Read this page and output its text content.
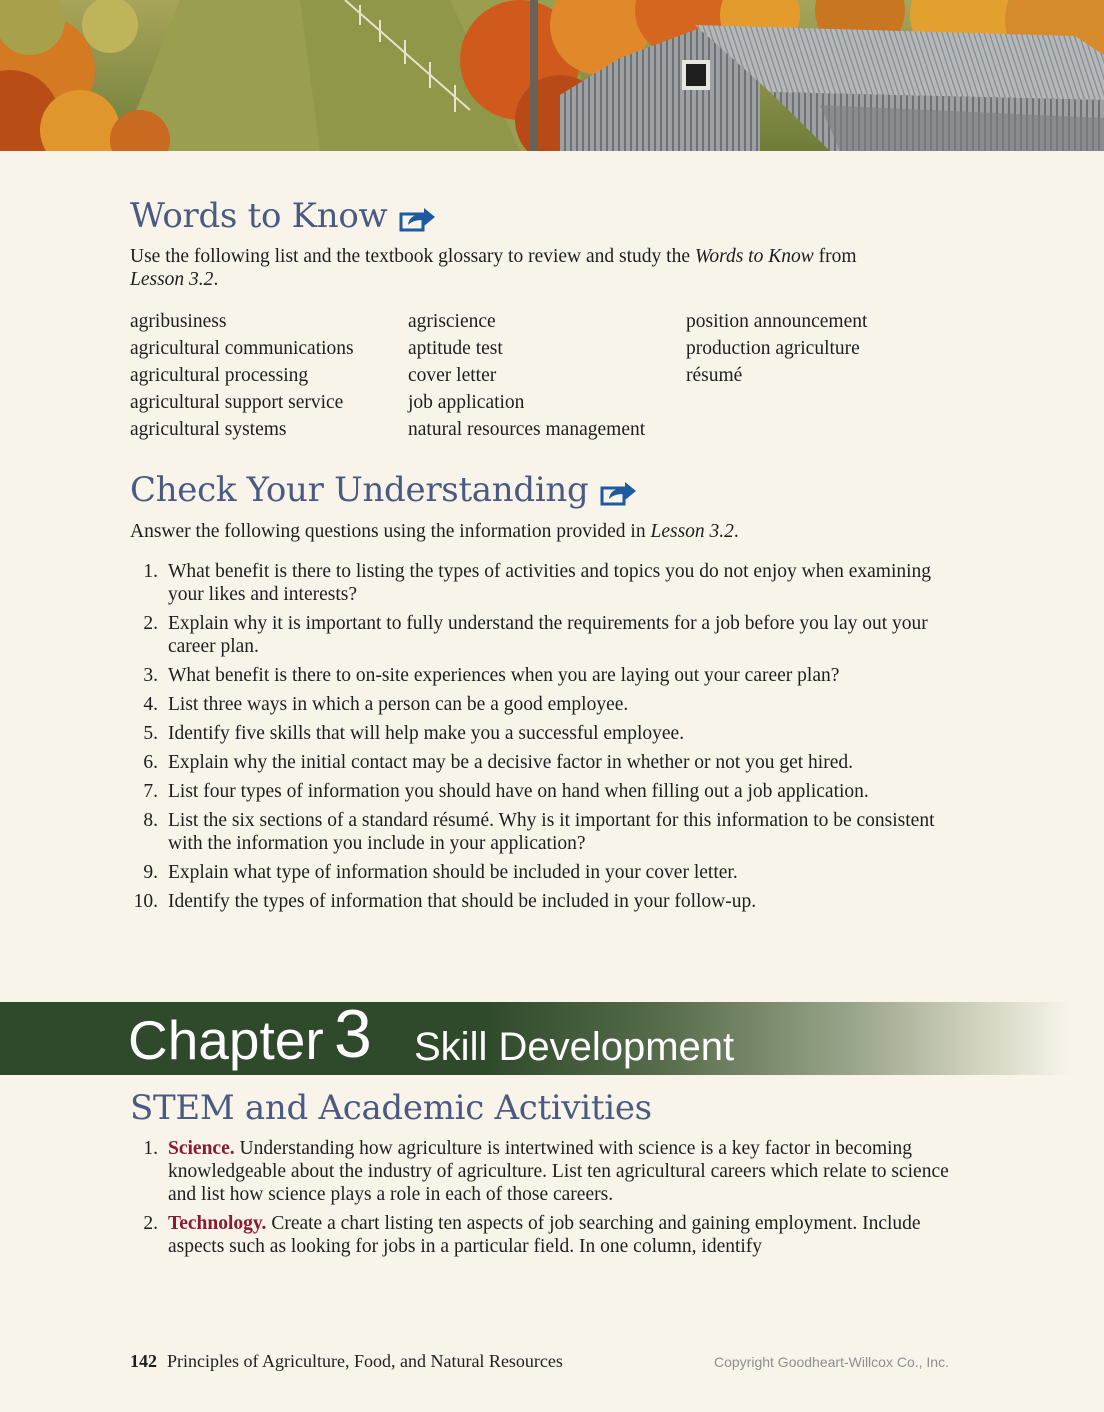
Words to Know

Use the following list and the textbook glossary to review and study the Words to Know from
Lesson 3.2.

agribusiness
agricultural communications
agricultural processing
agricultural support service
agricultural systems
agriscience
aptitude test
cover letter
job application
natural resources management
position announcement
production agriculture
résumé
Check Your Understanding

Answer the following questions using the information provided in Lesson 3.2.

1. What benefit is there to listing the types of activities and topics you do not enjoy when examining your likes and interests?
2. Explain why it is important to fully understand the requirements for a job before you lay out your career plan.
3. What benefit is there to on-site experiences when you are laying out your career plan?
4. List three ways in which a person can be a good employee.
5. Identify five skills that will help make you a successful employee.
6. Explain why the initial contact may be a decisive factor in whether or not you get hired.
7. List four types of information you should have on hand when filling out a job application.
8. List the six sections of a standard résumé. Why is it important for this information to be consistent with the information you include in your application?
9. Explain what type of information should be included in your cover letter.
10. Identify the types of information that should be included in your follow-up.
Chapter 3 Skill Development
STEM and Academic Activities
1. Science. Understanding how agriculture is intertwined with science is a key factor in becoming knowledgeable about the industry of agriculture. List ten agricultural careers which relate to science and list how science plays a role in each of those careers.
2. Technology. Create a chart listing ten aspects of job searching and gaining employment. Include aspects such as looking for jobs in a particular field. In one column, identify
142 Principles of Agriculture, Food, and Natural Resources	Copyright Goodheart-Willcox Co., Inc.
